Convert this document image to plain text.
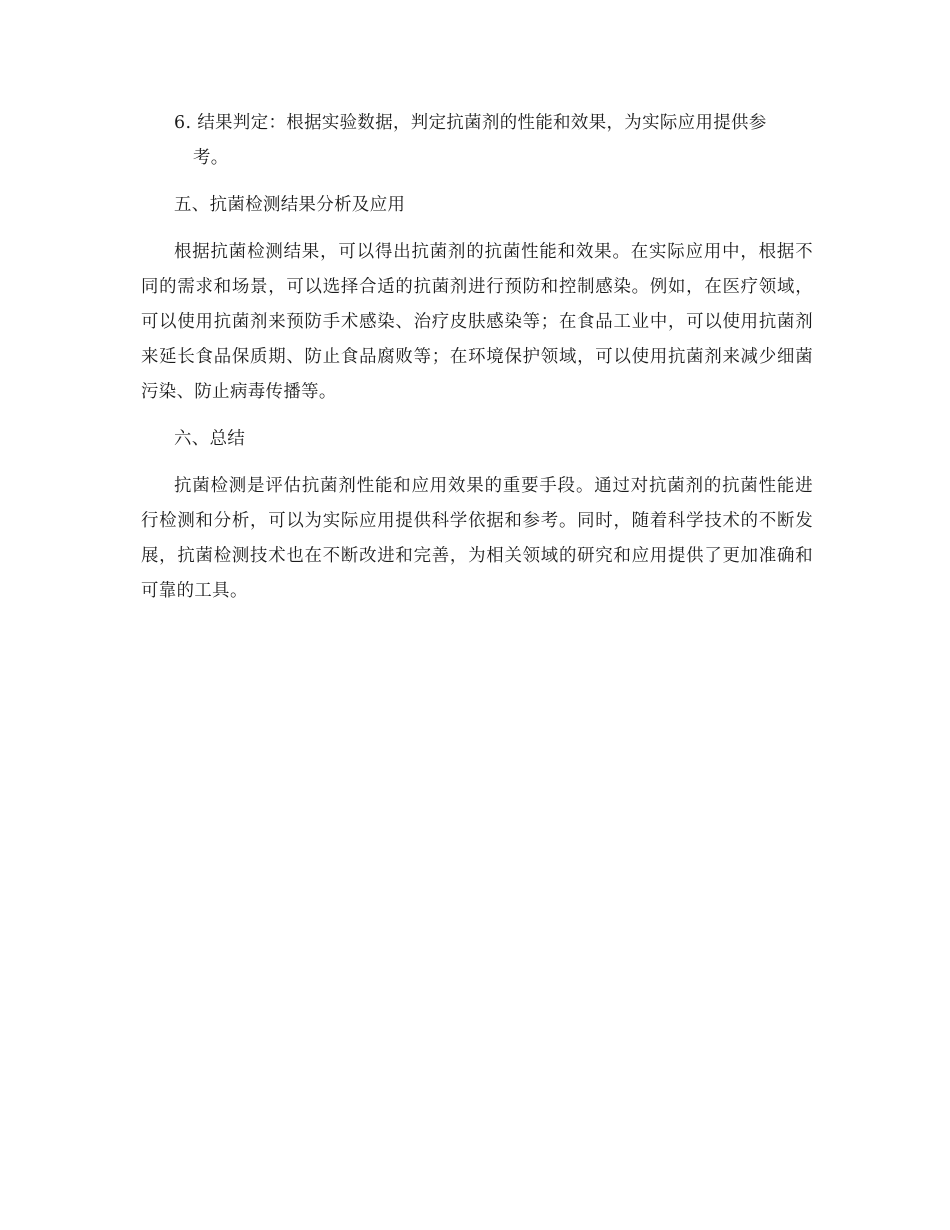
6. 结果判定：根据实验数据，判定抗菌剂的性能和效果，为实际应用提供参
考。
五、抗菌检测结果分析及应用
根据抗菌检测结果，可以得出抗菌剂的抗菌性能和效果。在实际应用中，根据不同的需求和场景，可以选择合适的抗菌剂进行预防和控制感染。例如，在医疗领域，可以使用抗菌剂来预防手术感染、治疗皮肤感染等；在食品工业中，可以使用抗菌剂来延长食品保质期、防止食品腐败等；在环境保护领域，可以使用抗菌剂来减少细菌污染、防止病毒传播等。
六、总结
抗菌检测是评估抗菌剂性能和应用效果的重要手段。通过对抗菌剂的抗菌性能进行检测和分析，可以为实际应用提供科学依据和参考。同时，随着科学技术的不断发展，抗菌检测技术也在不断改进和完善，为相关领域的研究和应用提供了更加准确和可靠的工具。
